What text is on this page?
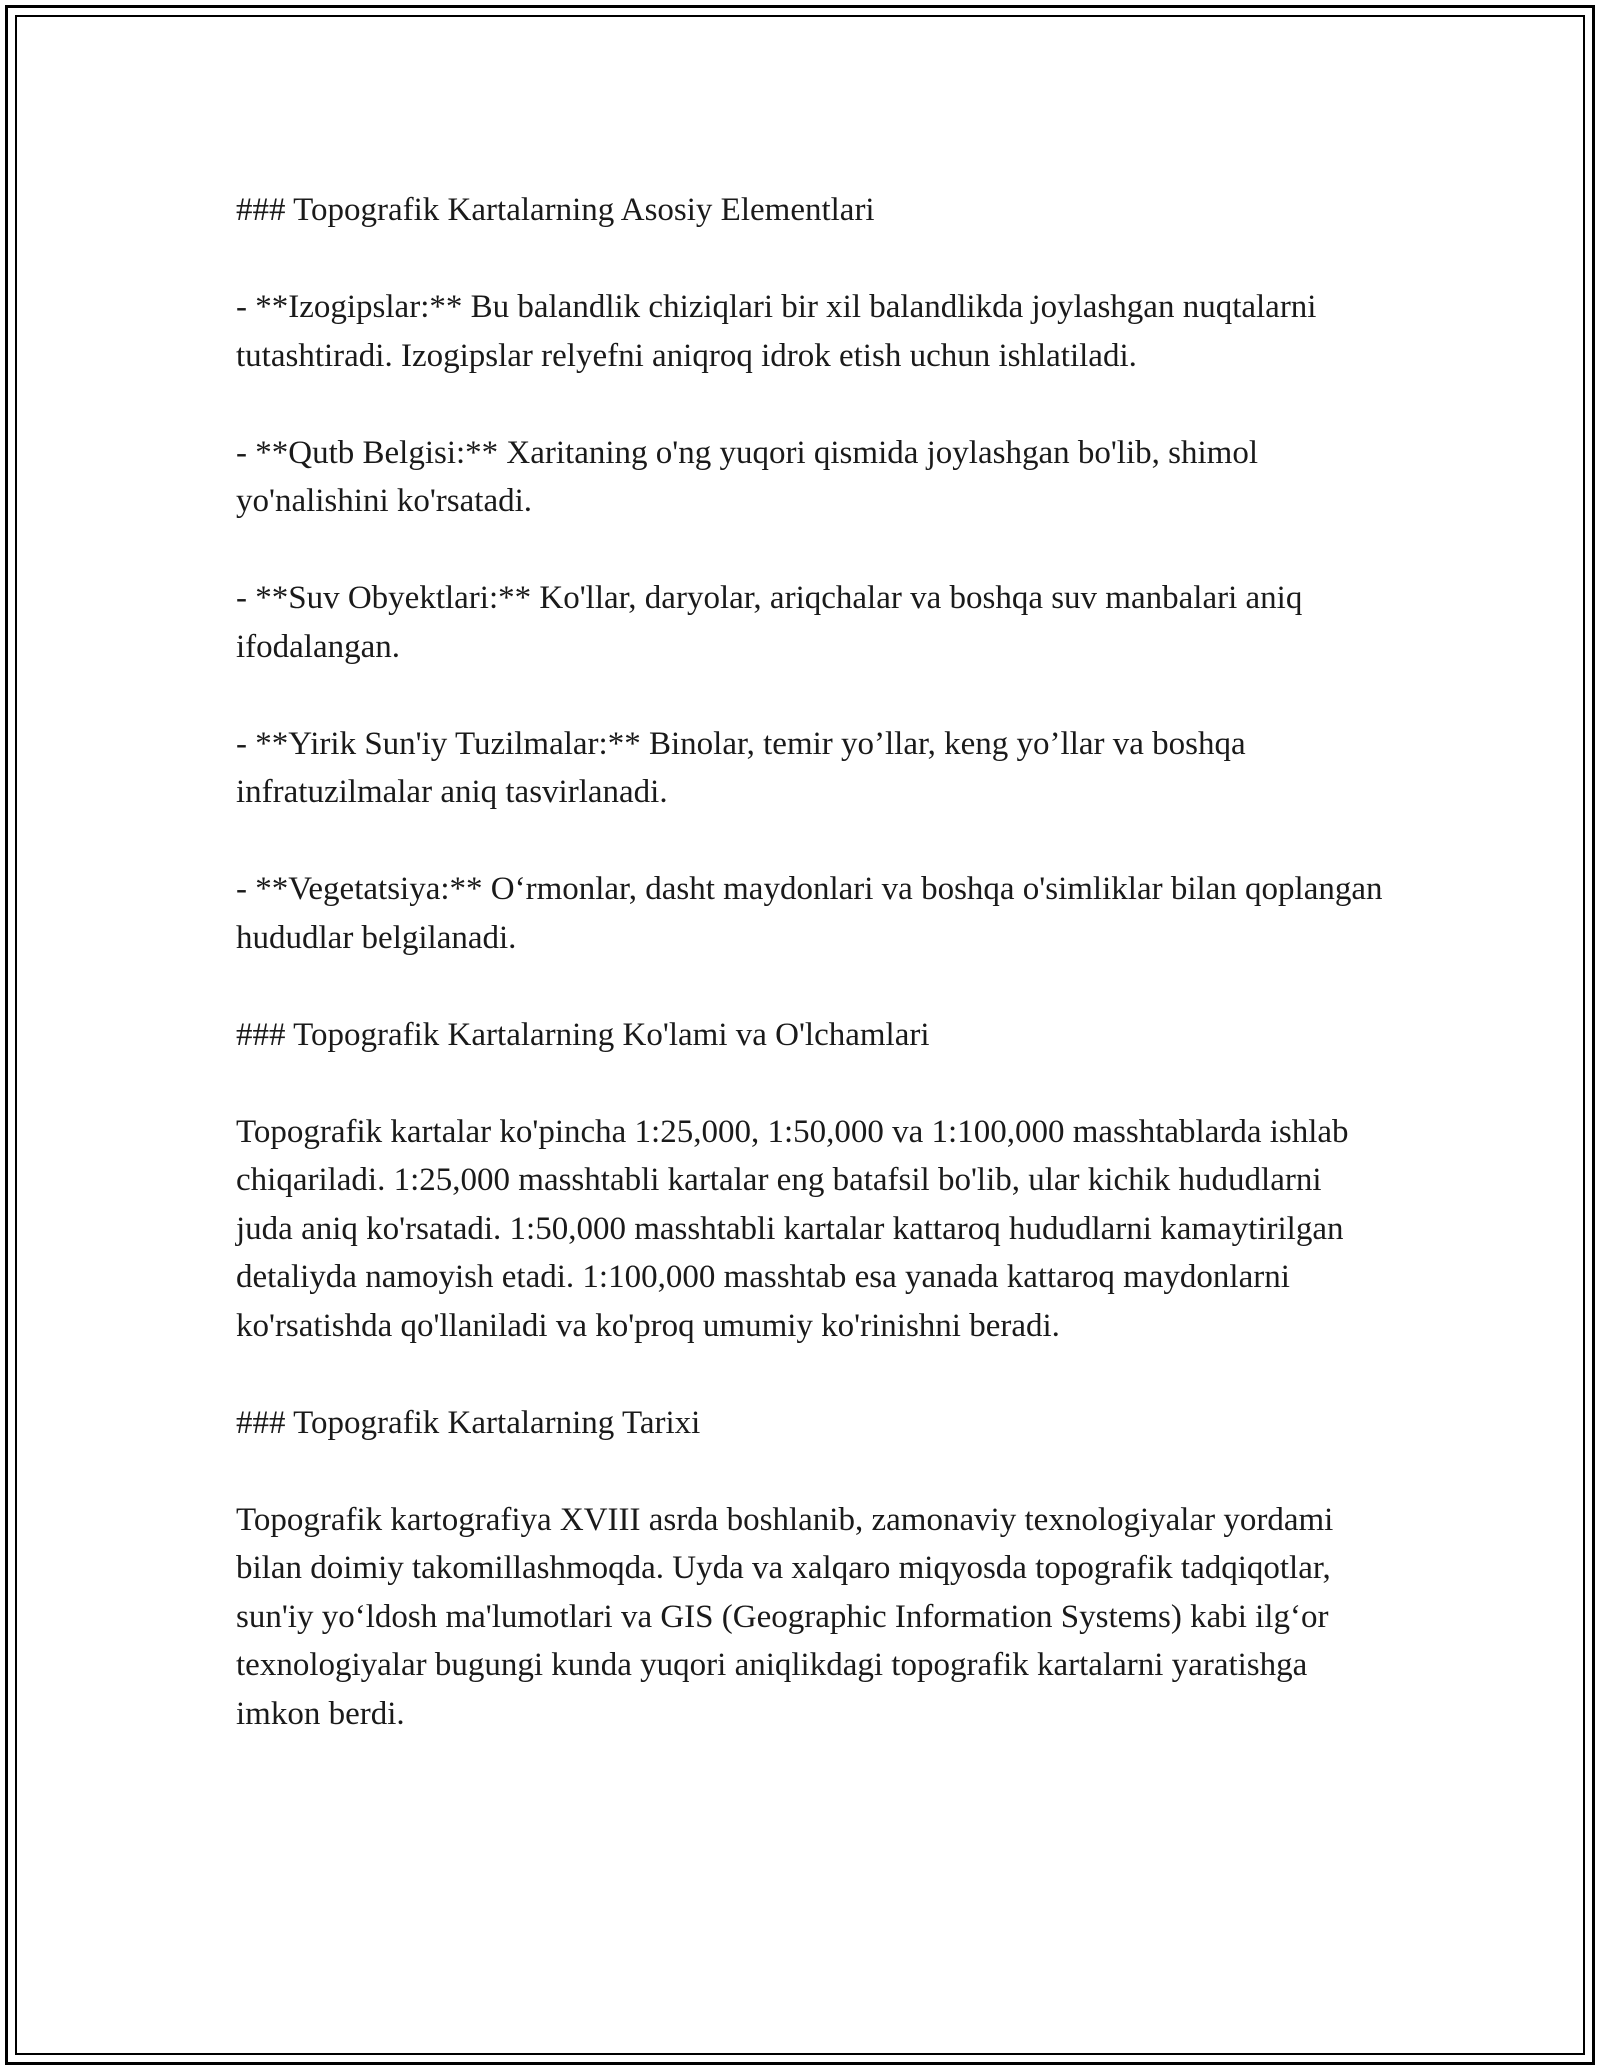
### Topografik Kartalarning Asosiy Elementlari

- **Izogipslar:** Bu balandlik chiziqlari bir xil balandlikda joylashgan nuqtalarni tutashtiradi. Izogipslar relyefni aniqroq idrok etish uchun ishlatiladi.

- **Qutb Belgisi:** Xaritaning o'ng yuqori qismida joylashgan bo'lib, shimol yo'nalishini ko'rsatadi.

- **Suv Obyektlari:** Ko'llar, daryolar, ariqchalar va boshqa suv manbalari aniq ifodalangan.

- **Yirik Sun'iy Tuzilmalar:** Binolar, temir yo’llar, keng yo’llar va boshqa infratuzilmalar aniq tasvirlanadi.

- **Vegetatsiya:** O‘rmonlar, dasht maydonlari va boshqa o'simliklar bilan qoplangan hududlar belgilanadi.

### Topografik Kartalarning Ko'lami va O'lchamlari

Topografik kartalar ko'pincha 1:25,000, 1:50,000 va 1:100,000 masshtablarda ishlab chiqariladi. 1:25,000 masshtabli kartalar eng batafsil bo'lib, ular kichik hududlarni juda aniq ko'rsatadi. 1:50,000 masshtabli kartalar kattaroq hududlarni kamaytirilgan detaliyda namoyish etadi. 1:100,000 masshtab esa yanada kattaroq maydonlarni ko'rsatishda qo'llaniladi va ko'proq umumiy ko'rinishni beradi.

### Topografik Kartalarning Tarixi

Topografik kartografiya XVIII asrda boshlanib, zamonaviy texnologiyalar yordami bilan doimiy takomillashmoqda. Uyda va xalqaro miqyosda topografik tadqiqotlar, sun'iy yo‘ldosh ma'lumotlari va GIS (Geographic Information Systems) kabi ilg‘or texnologiyalar bugungi kunda yuqori aniqlikdagi topografik kartalarni yaratishga imkon berdi.
